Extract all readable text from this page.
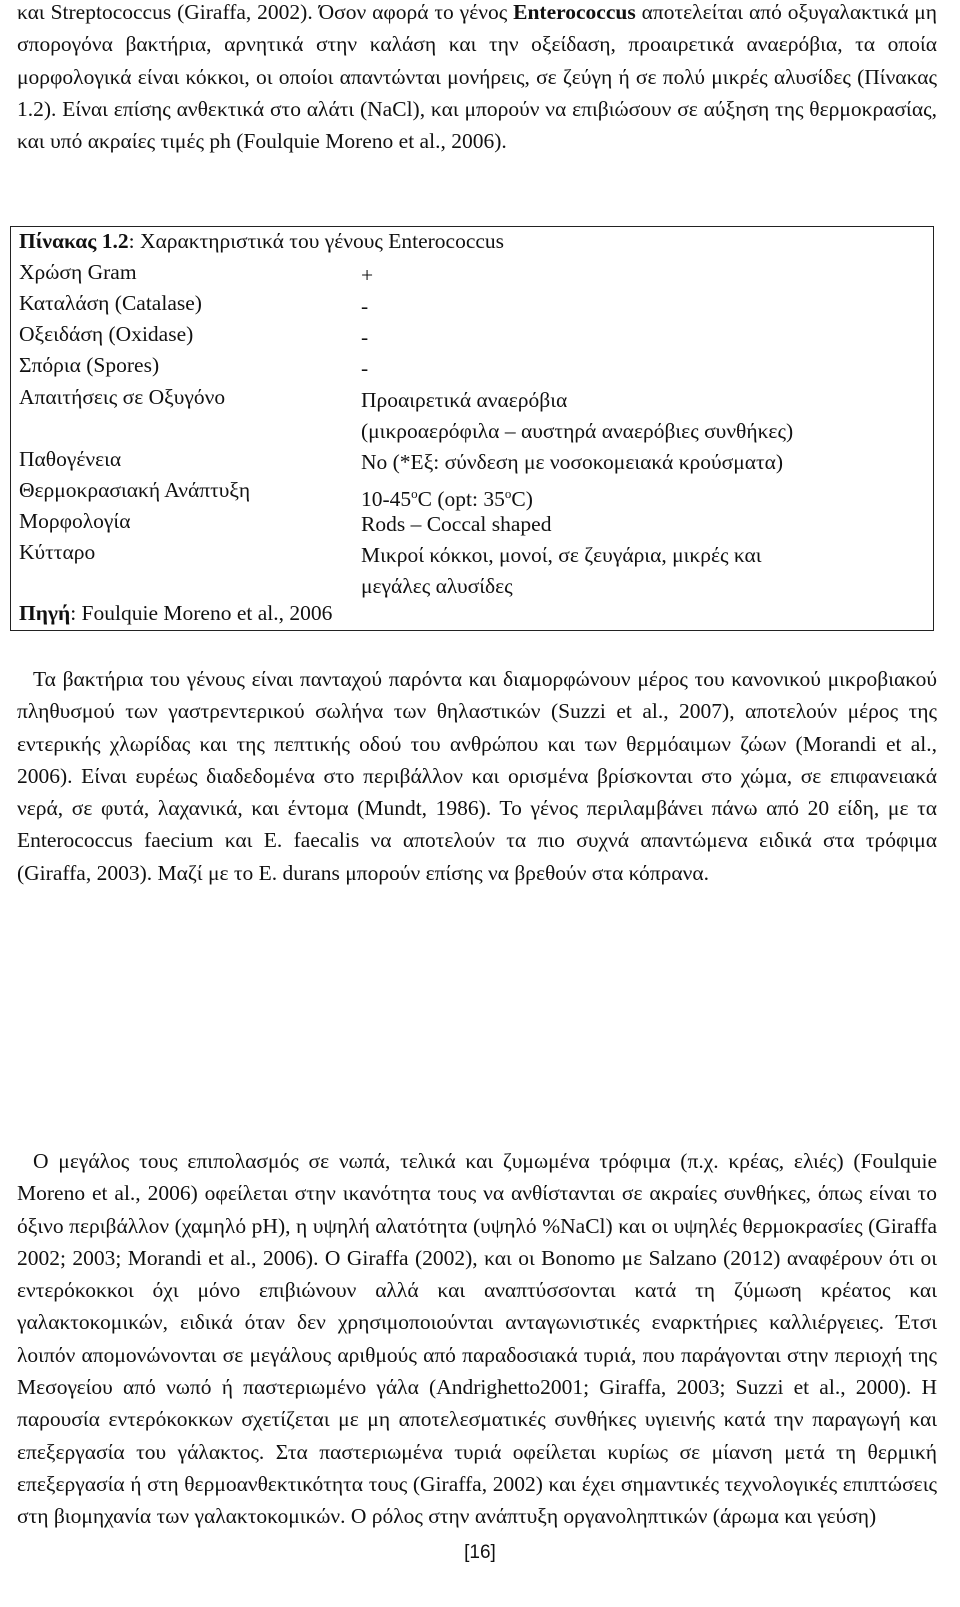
και Streptococcus (Giraffa, 2002). Όσον αφορά το γένος Enterococcus αποτελείται από οξυγαλακτικά μη σπορογόνα βακτήρια, αρνητικά στην καλάση και την οξείδαση, προαιρετικά αναερόβια, τα οποία μορφολογικά είναι κόκκοι, οι οποίοι απαντώνται μονήρεις, σε ζεύγη ή σε πολύ μικρές αλυσίδες (Πίνακας 1.2). Είναι επίσης ανθεκτικά στο αλάτι (NaCl), και μπορούν να επιβιώσουν σε αύξηση της θερμοκρασίας, και υπό ακραίες τιμές ph (Foulquie Moreno et al., 2006).

Πίνακας 1.2: Χαρακτηριστικά του γένους Enterococcus
Χρώση Gram	+
Καταλάση (Catalase)	-
Οξειδάση (Oxidase)	-
Σπόρια (Spores)	-
Απαιτήσεις σε Οξυγόνο	Προαιρετικά αναερόβια
(μικροαερόφιλα – αυστηρά αναερόβιες συνθήκες)
Παθογένεια	No (*Εξ: σύνδεση με νοσοκομειακά κρούσματα)
Θερμοκρασιακή Ανάπτυξη	10-45$^o$C (opt: 35$^o$C)
Μορφολογία	Rods – Coccal shaped
Κύτταρο	Μικροί κόκκοι, μονοί, σε ζευγάρια, μικρές και
μεγάλες αλυσίδες
Πηγή: Foulquie Moreno et al., 2006

Τα βακτήρια του γένους είναι πανταχού παρόντα και διαμορφώνουν μέρος του κανονικού μικροβιακού πληθυσμού των γαστρεντερικού σωλήνα των θηλαστικών (Suzzi et al., 2007), αποτελούν μέρος της εντερικής χλωρίδας και της πεπτικής οδού του ανθρώπου και των θερμόαιμων ζώων (Morandi et al., 2006). Είναι ευρέως διαδεδομένα στο περιβάλλον και ορισμένα βρίσκονται στο χώμα, σε επιφανειακά νερά, σε φυτά, λαχανικά, και έντομα (Mundt, 1986). Το γένος περιλαμβάνει πάνω από 20 είδη, με τα Enterococcus faecium και E. faecalis να αποτελούν τα πιο συχνά απαντώμενα ειδικά στα τρόφιμα (Giraffa, 2003). Μαζί με το E. durans μπορούν επίσης να βρεθούν στα κόπρανα.

Ο μεγάλος τους επιπολασμός σε νωπά, τελικά και ζυμωμένα τρόφιμα (π.χ. κρέας, ελιές) (Foulquie Moreno et al., 2006) οφείλεται στην ικανότητα τους να ανθίστανται σε ακραίες συνθήκες, όπως είναι το όξινο περιβάλλον (χαμηλό pH), η υψηλή αλατότητα (υψηλό %NaCl) και οι υψηλές θερμοκρασίες (Giraffa 2002; 2003; Morandi et al., 2006). O Giraffa (2002), και οι Bonomo με Salzano (2012) αναφέρουν ότι οι εντερόκοκκοι όχι μόνο επιβιώνουν αλλά και αναπτύσσονται κατά τη ζύμωση κρέατος και γαλακτοκομικών, ειδικά όταν δεν χρησιμοποιούνται ανταγωνιστικές εναρκτήριες καλλιέργειες. Έτσι λοιπόν απομονώνονται σε μεγάλους αριθμούς από παραδοσιακά τυριά, που παράγονται στην περιοχή της Μεσογείου από νωπό ή παστεριωμένο γάλα (Andrighetto2001; Giraffa, 2003; Suzzi et al., 2000). Η παρουσία εντερόκοκκων σχετίζεται με μη αποτελεσματικές συνθήκες υγιεινής κατά την παραγωγή και επεξεργασία του γάλακτος. Στα παστεριωμένα τυριά οφείλεται κυρίως σε μίανση μετά τη θερμική επεξεργασία ή στη θερμοανθεκτικότητα τους (Giraffa, 2002) και έχει σημαντικές τεχνολογικές επιπτώσεις στη βιομηχανία των γαλακτοκομικών. Ο ρόλος στην ανάπτυξη οργανοληπτικών (άρωμα και γεύση)

[16]
